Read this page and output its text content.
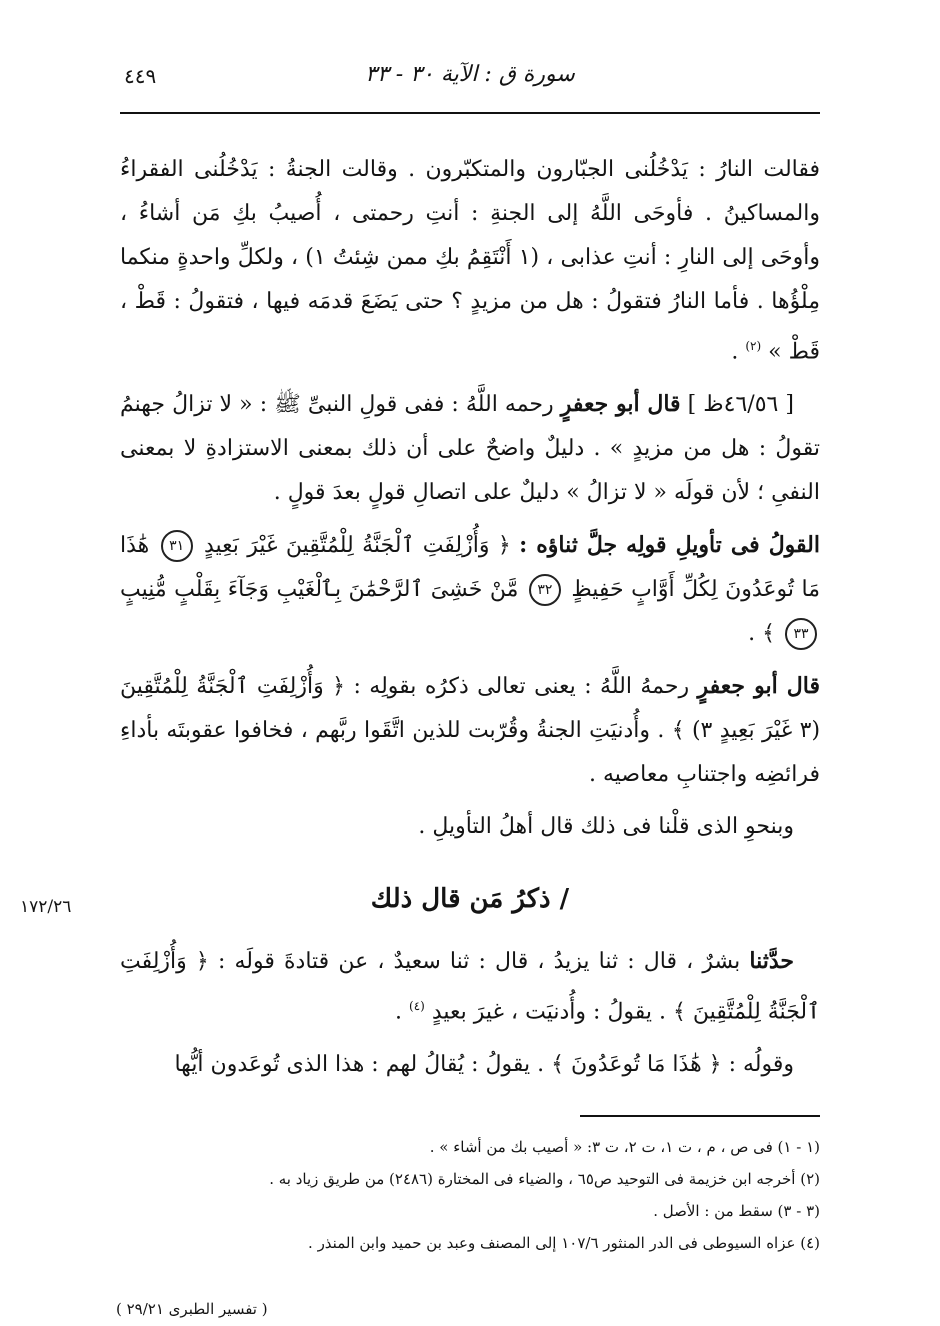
سورة ق : الآية ٣٠ - ٣٣
٤٤٩

فقالت النارُ : يَدْخُلُنى الجبّارون والمتكبّرون . وقالت الجنةُ : يَدْخُلُنى الفقراءُ والمساكينُ . فأوحَى اللَّهُ إلى الجنةِ : أنتِ رحمتى ، أُصيبُ بكِ مَن أشاءُ ، وأوحَى إلى النارِ : أنتِ عذابى ، (١ أَنْتَقِمُ بكِ ممن شِئتُ ١) ، ولكلِّ واحدةٍ منكما مِلْؤُها . فأما النارُ فتقولُ : هل من مزيدٍ ؟ حتى يَضَعَ قدمَه فيها ، فتقولُ : قَطْ ، قَطْ » $^{(٢)}$ .

[ ٤٦/٥٦ظ ] قال أبو جعفرٍ رحمه اللَّهُ : ففى قولِ النبىِّ ﷺ : « لا تزالُ جهنمُ تقولُ : هل من مزيدٍ » . دليلٌ واضحٌ على أن ذلك بمعنى الاستزادةِ لا بمعنى النفىِ ؛ لأن قولَه « لا تزالُ » دليلٌ على اتصالِ قولٍ بعدَ قولٍ .

القولُ فى تأويلِ قولِه جلَّ ثناؤه : ﴿ وَأُزْلِفَتِ ٱلْجَنَّةُ لِلْمُتَّقِينَ غَيْرَ بَعِيدٍ ٣١ هَٰذَا مَا تُوعَدُونَ لِكُلِّ أَوَّابٍ حَفِيظٍ ٣٢ مَّنْ خَشِىَ ٱلرَّحْمَٰنَ بِٱلْغَيْبِ وَجَآءَ بِقَلْبٍ مُّنِيبٍ ٣٣ ﴾ .

قال أبو جعفرٍ رحمهُ اللَّهُ : يعنى تعالى ذكرُه بقولِه : ﴿ وَأُزْلِفَتِ ٱلْجَنَّةُ لِلْمُتَّقِينَ (٣ غَيْرَ بَعِيدٍ ٣) ﴾ . وأُدنيَتِ الجنةُ وقُرّبت للذين اتَّقَوا ربَّهم ، فخافوا عقوبتَه بأداءِ فرائضِه واجتنابِ معاصيه .

وبنحوِ الذى قلْنا فى ذلك قال أهلُ التأويلِ .

/ ذكرُ مَن قال ذلك
١٧٢/٢٦

حدَّثنا بشرٌ ، قال : ثنا يزيدُ ، قال : ثنا سعيدٌ ، عن قتادةَ قولَه : ﴿ وَأُزْلِفَتِ ٱلْجَنَّةُ لِلْمُتَّقِينَ ﴾ . يقولُ : وأُدنيَت ، غيرَ بعيدٍ $^{(٤)}$ .

وقولُه : ﴿ هَٰذَا مَا تُوعَدُونَ ﴾ . يقولُ : يُقالُ لهم : هذا الذى تُوعَدون أيُّها

(١ - ١) فى ص ، م ، ت ١، ت ٢، ت ٣: « أصيب بك من أشاء » .
(٢) أخرجه ابن خزيمة فى التوحيد ص٦٥ ، والضياء فى المختارة (٢٤٨٦) من طريق زياد به .
(٣ - ٣) سقط من : الأصل .
(٤) عزاه السيوطى فى الدر المنثور ١٠٧/٦ إلى المصنف وعبد بن حميد وابن المنذر .
( تفسير الطبرى ٢٩/٢١ )
